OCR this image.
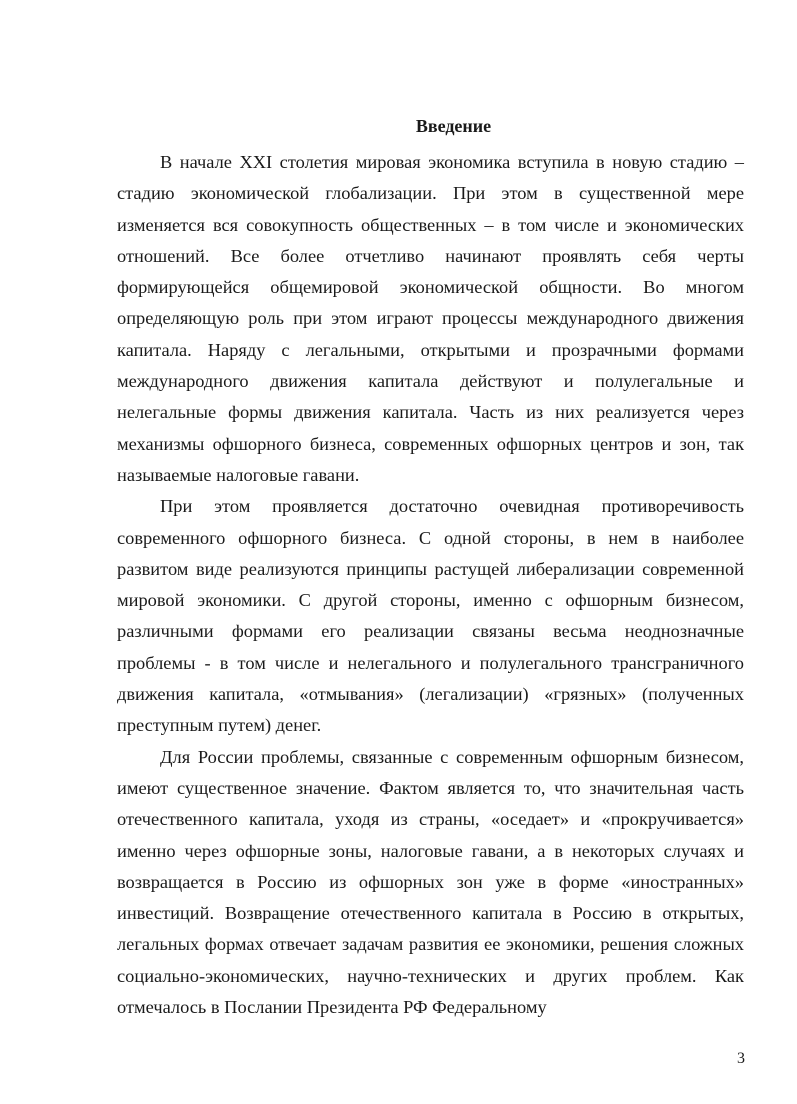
Введение

В начале XXI столетия мировая экономика вступила в новую стадию – стадию экономической глобализации. При этом в существенной мере изменяется вся совокупность общественных – в том числе и экономических отношений. Все более отчетливо начинают проявлять себя черты формирующейся общемировой экономической общности. Во многом определяющую роль при этом играют процессы международного движения капитала. Наряду с легальными, открытыми и прозрачными формами международного движения капитала действуют и полулегальные и нелегальные формы движения капитала. Часть из них реализуется через механизмы офшорного бизнеса, современных офшорных центров и зон, так называемые налоговые гавани.

При этом проявляется достаточно очевидная противоречивость современного офшорного бизнеса. С одной стороны, в нем в наиболее развитом виде реализуются принципы растущей либерализации современной мировой экономики. С другой стороны, именно с офшорным бизнесом, различными формами его реализации связаны весьма неоднозначные проблемы - в том числе и нелегального и полулегального трансграничного движения капитала, «отмывания» (легализации) «грязных» (полученных преступным путем) денег.

Для России проблемы, связанные с современным офшорным бизнесом, имеют существенное значение. Фактом является то, что значительная часть отечественного капитала, уходя из страны, «оседает» и «прокручивается» именно через офшорные зоны, налоговые гавани, а в некоторых случаях и возвращается в Россию из офшорных зон уже в форме «иностранных» инвестиций. Возвращение отечественного капитала в Россию в открытых, легальных формах отвечает задачам развития ее экономики, решения сложных социально-экономических, научно-технических и других проблем. Как отмечалось в Послании Президента РФ Федеральному

3
